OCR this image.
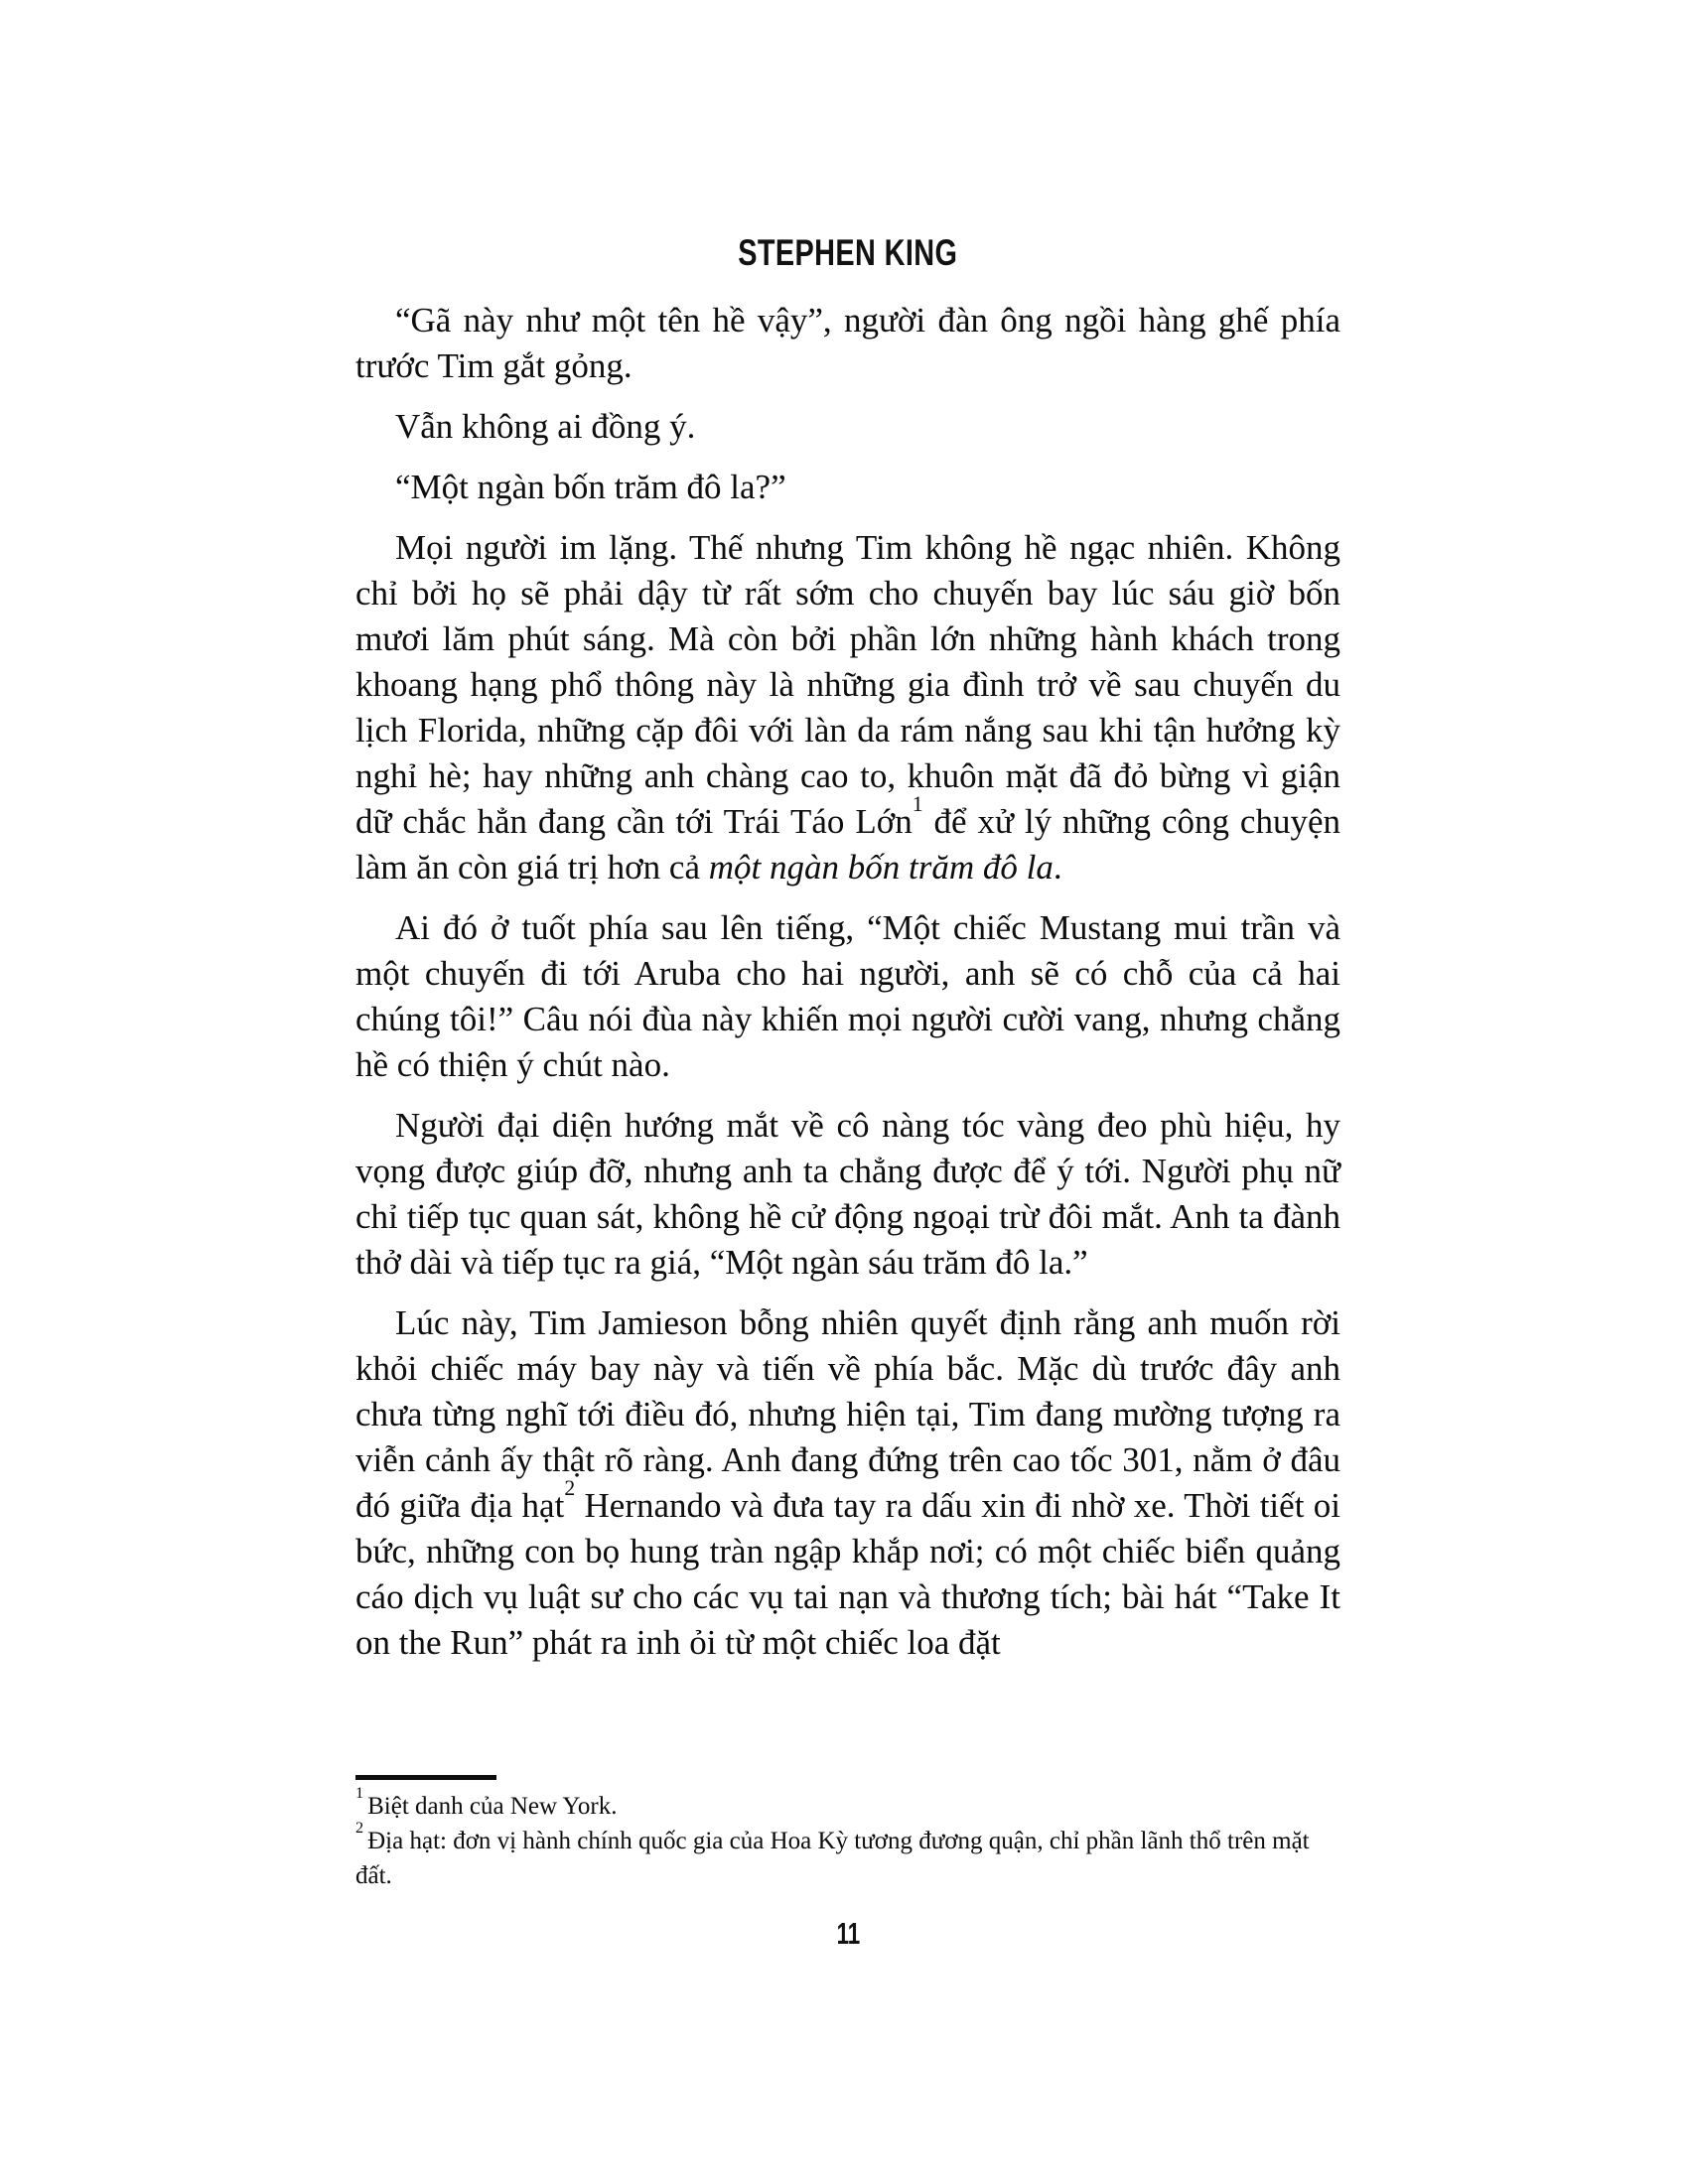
STEPHEN KING

“Gã này như một tên hề vậy”, người đàn ông ngồi hàng ghế phía trước Tim gắt gỏng.

Vẫn không ai đồng ý.

“Một ngàn bốn trăm đô la?”

Mọi người im lặng. Thế nhưng Tim không hề ngạc nhiên. Không chỉ bởi họ sẽ phải dậy từ rất sớm cho chuyến bay lúc sáu giờ bốn mươi lăm phút sáng. Mà còn bởi phần lớn những hành khách trong khoang hạng phổ thông này là những gia đình trở về sau chuyến du lịch Florida, những cặp đôi với làn da rám nắng sau khi tận hưởng kỳ nghỉ hè; hay những anh chàng cao to, khuôn mặt đã đỏ bừng vì giận dữ chắc hẳn đang cần tới Trái Táo Lớn$^1$ để xử lý những công chuyện làm ăn còn giá trị hơn cả một ngàn bốn trăm đô la.

Ai đó ở tuốt phía sau lên tiếng, “Một chiếc Mustang mui trần và một chuyến đi tới Aruba cho hai người, anh sẽ có chỗ của cả hai chúng tôi!” Câu nói đùa này khiến mọi người cười vang, nhưng chẳng hề có thiện ý chút nào.

Người đại diện hướng mắt về cô nàng tóc vàng đeo phù hiệu, hy vọng được giúp đỡ, nhưng anh ta chẳng được để ý tới. Người phụ nữ chỉ tiếp tục quan sát, không hề cử động ngoại trừ đôi mắt. Anh ta đành thở dài và tiếp tục ra giá, “Một ngàn sáu trăm đô la.”

Lúc này, Tim Jamieson bỗng nhiên quyết định rằng anh muốn rời khỏi chiếc máy bay này và tiến về phía bắc. Mặc dù trước đây anh chưa từng nghĩ tới điều đó, nhưng hiện tại, Tim đang mường tượng ra viễn cảnh ấy thật rõ ràng. Anh đang đứng trên cao tốc 301, nằm ở đâu đó giữa địa hạt$^2$ Hernando và đưa tay ra dấu xin đi nhờ xe. Thời tiết oi bức, những con bọ hung tràn ngập khắp nơi; có một chiếc biển quảng cáo dịch vụ luật sư cho các vụ tai nạn và thương tích; bài hát “Take It on the Run” phát ra inh ỏi từ một chiếc loa đặt

$^1$ Biệt danh của New York.

$^2$ Địa hạt: đơn vị hành chính quốc gia của Hoa Kỳ tương đương quận, chỉ phần lãnh thổ trên mặt đất.

11
